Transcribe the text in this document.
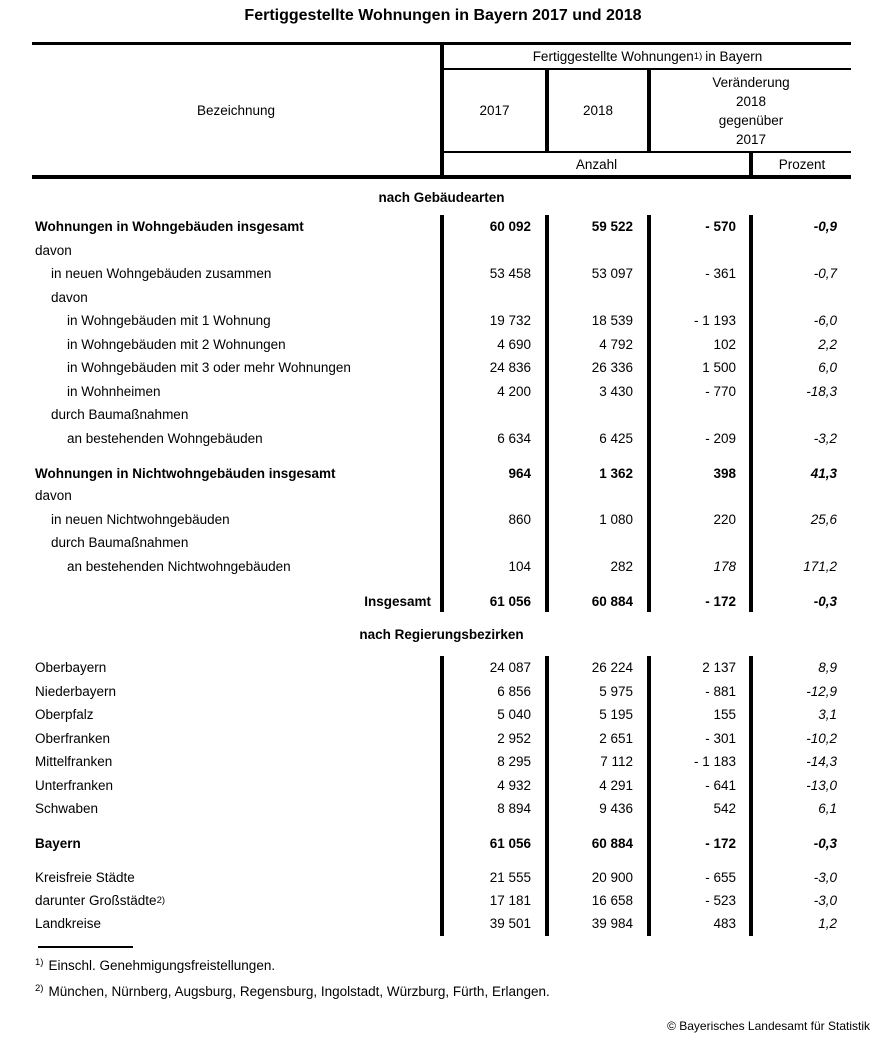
Fertiggestellte Wohnungen in Bayern 2017 und 2018
Bezeichnung
Fertiggestellte Wohnungen 1) in Bayern
2017	2018
Veränderung
2018
gegenüber
2017
Anzahl	Prozent
nach Gebäudearten
Wohnungen in Wohngebäuden insgesamt	60 092	59 522	- 570	-0,9
davon
in neuen Wohngebäuden zusammen	53 458	53 097	- 361	-0,7
davon
in Wohngebäuden mit 1 Wohnung	19 732	18 539	- 1 193	-6,0
in Wohngebäuden mit 2 Wohnungen	4 690	4 792	102	2,2
in Wohngebäuden mit 3 oder mehr Wohnungen	24 836	26 336	1 500	6,0
in Wohnheimen	4 200	3 430	- 770	-18,3
durch Baumaßnahmen
an bestehenden Wohngebäuden	6 634	6 425	- 209	-3,2
Wohnungen in Nichtwohngebäuden insgesamt	964	1 362	398	41,3
davon
in neuen Nichtwohngebäuden	860	1 080	220	25,6
durch Baumaßnahmen
an bestehenden Nichtwohngebäuden	104	282	178	171,2
Insgesamt	61 056	60 884	- 172	-0,3
nach Regierungsbezirken
Oberbayern	24 087	26 224	2 137	8,9
Niederbayern	6 856	5 975	- 881	-12,9
Oberpfalz	5 040	5 195	155	3,1
Oberfranken	2 952	2 651	- 301	-10,2
Mittelfranken	8 295	7 112	- 1 183	-14,3
Unterfranken	4 932	4 291	- 641	-13,0
Schwaben	8 894	9 436	542	6,1
Bayern	61 056	60 884	- 172	-0,3
Kreisfreie Städte	21 555	20 900	- 655	-3,0
darunter Großstädte 2)	17 181	16 658	- 523	-3,0
Landkreise	39 501	39 984	483	1,2
$^{1)}$ Einschl. Genehmigungsfreistellungen.
$^{2)}$ München, Nürnberg, Augsburg, Regensburg, Ingolstadt, Würzburg, Fürth, Erlangen.
© Bayerisches Landesamt für Statistik
